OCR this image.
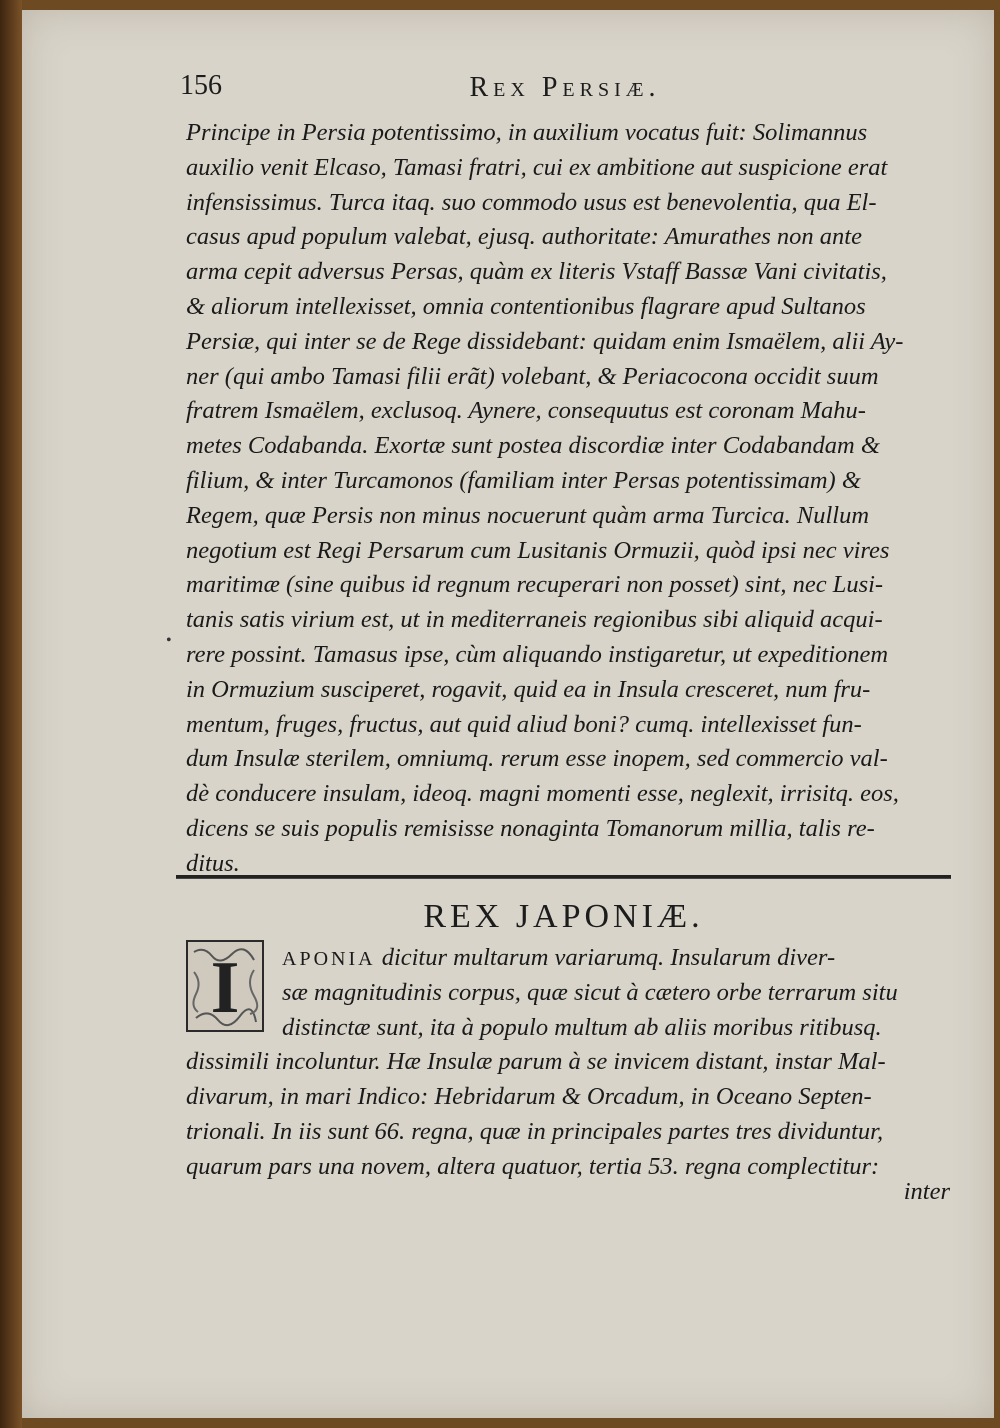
156	Rex Persiæ.
Principe in Persia potentissimo, in auxilium vocatus fuit: Solimannus
auxilio venit Elcaso, Tamasi fratri, cui ex ambitione aut suspicione erat
infensissimus. Turca itaq. suo commodo usus est benevolentia, qua El-
casus apud populum valebat, ejusq. authoritate: Amurathes non ante
arma cepit adversus Persas, quàm ex literis Vstaff Bassæ Vani civitatis,
& aliorum intellexisset, omnia contentionibus flagrare apud Sultanos
Persiæ, qui inter se de Rege dissidebant: quidam enim Ismaëlem, alii Ay-
ner (qui ambo Tamasi filii erãt) volebant, & Periacocona occidit suum
fratrem Ismaëlem, exclusoq. Aynere, consequutus est coronam Mahu-
metes Codabanda. Exortæ sunt postea discordiæ inter Codabandam &
filium, & inter Turcamonos (familiam inter Persas potentissimam) &
Regem, quæ Persis non minus nocuerunt quàm arma Turcica. Nullum
negotium est Regi Persarum cum Lusitanis Ormuzii, quòd ipsi nec vires
maritimæ (sine quibus id regnum recuperari non posset) sint, nec Lusi-
tanis satis virium est, ut in mediterraneis regionibus sibi aliquid acqui-
rere possint. Tamasus ipse, cùm aliquando instigaretur, ut expeditionem
in Ormuzium susciperet, rogavit, quid ea in Insula cresceret, num fru-
mentum, fruges, fructus, aut quid aliud boni? cumq. intellexisset fun-
dum Insulæ sterilem, omniumq. rerum esse inopem, sed commercio val-
dè conducere insulam, ideoq. magni momenti esse, neglexit, irrisitq. eos,
dicens se suis populis remisisse nonaginta Tomanorum millia, talis re-
ditus.
•
REX JAPONIÆ.
I	APONIA dicitur multarum variarumq. Insularum diver-
sæ magnitudinis corpus, quæ sicut à cætero orbe terrarum situ
distinctæ sunt, ita à populo multum ab aliis moribus ritibusq.
dissimili incoluntur. Hæ Insulæ parum à se invicem distant, instar Mal-
divarum, in mari Indico: Hebridarum & Orcadum, in Oceano Septen-
trionali. In iis sunt 66. regna, quæ in principales partes tres dividuntur,
quarum pars una novem, altera quatuor, tertia 53. regna complectitur:
inter
